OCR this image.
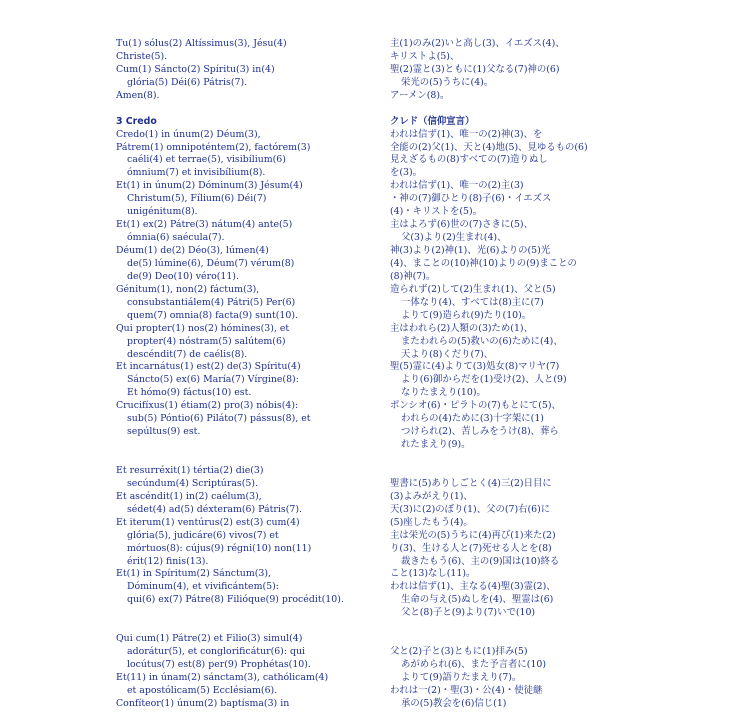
Tu(1) sólus(2) Altíssimus(3), Jésu(4)
Christe(5).
Cum(1) Sáncto(2) Spíritu(3) in(4)
glória(5) Déi(6) Pátris(7).
Amen(8).
3 Credo
Credo(1) in únum(2) Déum(3),
Pátrem(1) omnipoténtem(2), factórem(3)
caéli(4) et terrae(5), visibílium(6)
ómnium(7) et invisibílium(8).
Et(1) in únum(2) Dóminum(3) Jésum(4)
Christum(5), Fílium(6) Déi(7)
unigénitum(8).
Et(1) ex(2) Pátre(3) nátum(4) ante(5)
ómnia(6) saécula(7).
Déum(1) de(2) Déo(3), lúmen(4)
de(5) lúmine(6), Déum(7) vérum(8)
de(9) Deo(10) véro(11).
Génitum(1), non(2) fáctum(3),
consubstantiálem(4) Pátri(5) Per(6)
quem(7) omnia(8) facta(9) sunt(10).
Qui propter(1) nos(2) hómines(3), et
propter(4) nóstram(5) salútem(6)
descéndit(7) de caélis(8).
Et incarnátus(1) est(2) de(3) Spíritu(4)
Sáncto(5) ex(6) María(7) Vírgine(8):
Et hómo(9) fáctus(10) est.
Crucifíxus(1) étiam(2) pro(3) nóbis(4):
sub(5) Póntio(6) Piláto(7) pássus(8), et
sepúltus(9) est.
Et resurréxit(1) tértia(2) die(3)
secúndum(4) Scriptúras(5).
Et ascéndit(1) in(2) caélum(3),
sédet(4) ad(5) déxteram(6) Pátris(7).
Et iterum(1) ventúrus(2) est(3) cum(4)
glória(5), judicáre(6) vivos(7) et
mórtuos(8): cújus(9) régni(10) non(11)
érit(12) finis(13).
Et(1) in Spíritum(2) Sánctum(3),
Dóminum(4), et vivificántem(5):
qui(6) ex(7) Pátre(8) Filióque(9) procédit(10).
Qui cum(1) Pátre(2) et Filio(3) simul(4)
adorátur(5), et conglorificátur(6): qui
locútus(7) est(8) per(9) Prophétas(10).
Et(11) in únam(2) sánctam(3), cathólicam(4)
et apostólicam(5) Ecclésiam(6).
Confíteor(1) únum(2) baptísma(3) in
主(1)のみ(2)いと高し(3)、イエズス(4)、
キリストよ(5)、
聖(2)霊と(3)ともに(1)父なる(7)神の(6)
栄光の(5)うちに(4)。
アーメン(8)。
クレド（信仰宣言）
われは信ず(1)、唯一の(2)神(3)、を
全能の(2)父(1)、天と(4)地(5)、見ゆるもの(6)
見えざるもの(8)すべての(7)造りぬし
を(3)。
われは信ず(1)、唯一の(2)主(3)
・神の(7)御ひとり(8)子(6)・イエズス
(4)・キリストを(5)。
主はよろず(6)世の(7)さきに(5)、
父(3)より(2)生まれ(4)、
神(3)より(2)神(1)、光(6)よりの(5)光
(4)、まことの(10)神(10)よりの(9)まことの
(8)神(7)。
造られず(2)して(2)生まれ(1)、父と(5)
一体なり(4)、すべては(8)主に(7)
よりて(9)造られ(9)たり(10)。
主はわれら(2)人類の(3)ため(1)、
またわれらの(5)救いの(6)ために(4)、
天より(8)くだり(7)、
聖(5)霊に(4)よりて(3)処女(8)マリヤ(7)
より(6)御からだを(1)受け(2)、人と(9)
なりたまえり(10)。
ポンシオ(6)・ピラトの(7)もとにて(5)、
われらの(4)ために(3)十字架に(1)
つけられ(2)、苦しみをうけ(8)、葬ら
れたまえり(9)。
聖書に(5)ありしごとく(4)三(2)日目に
(3)よみがえり(1)、
天(3)に(2)のぼり(1)、父の(7)右(6)に
(5)座したもう(4)。
主は栄光の(5)うちに(4)再び(1)来た(2)
り(3)、生ける人と(7)死せる人とを(8)
裁きたもう(6)、主の(9)国は(10)終る
こと(13)なし(11)。
われは信ず(1)、主なる(4)聖(3)霊(2)、
生命の与え(5)ぬしを(4)、聖霊は(6)
父と(8)子と(9)より(7)いで(10)
父と(2)子と(3)ともに(1)拝み(5)
あがめられ(6)、また予言者に(10)
よりて(9)語りたまえり(7)。
われは一(2)・聖(3)・公(4)・使徒継
承の(5)教会を(6)信じ(1)
